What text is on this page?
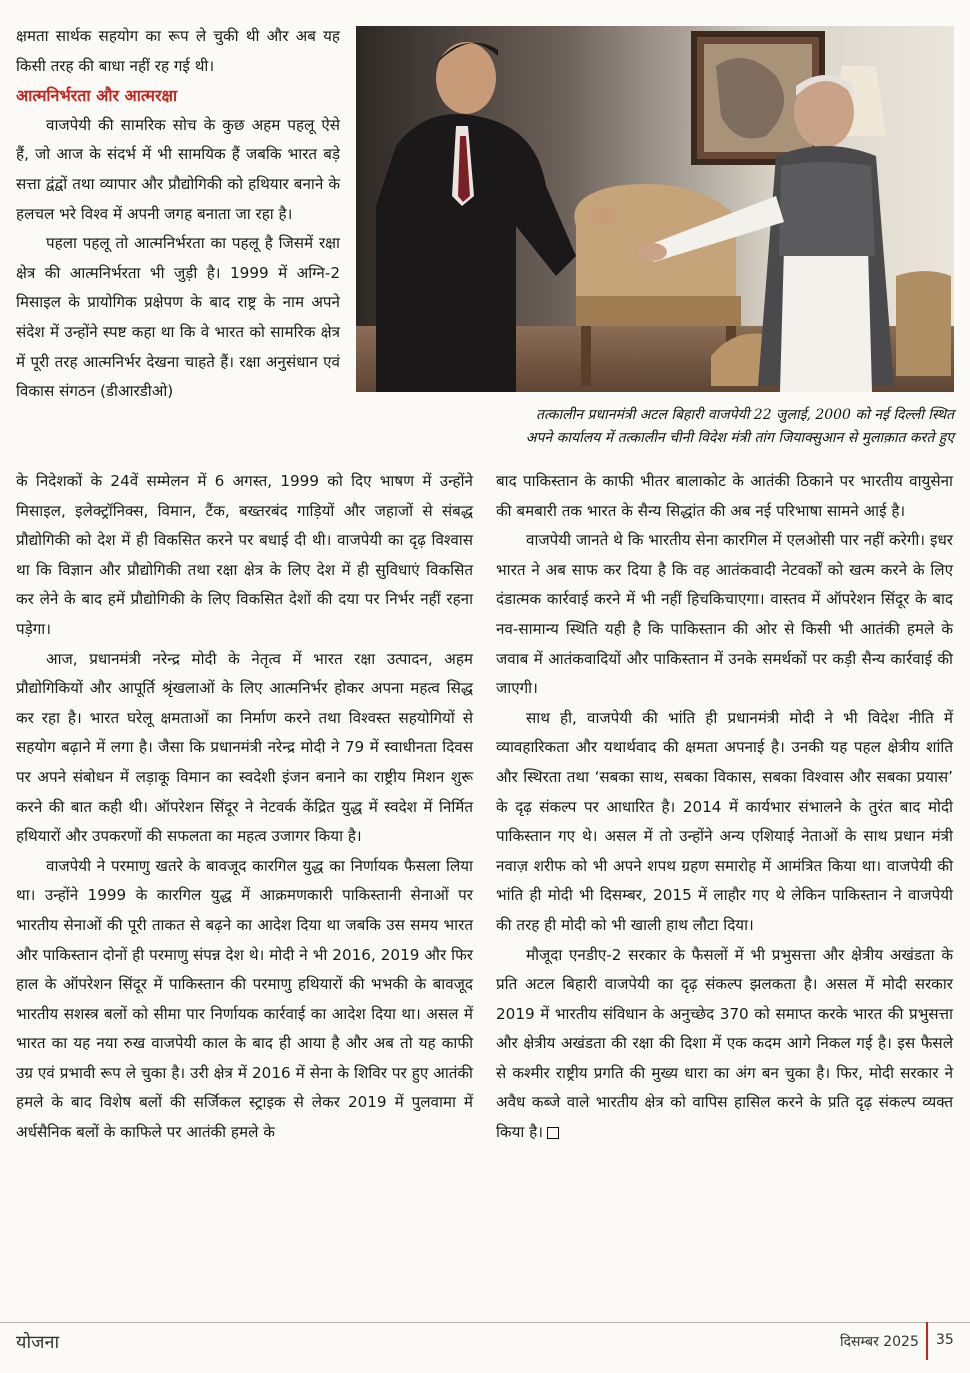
क्षमता सार्थक सहयोग का रूप ले चुकी थी और अब यह किसी तरह की बाधा नहीं रह गई थी।

आत्मनिर्भरता और आत्मरक्षा

वाजपेयी की सामरिक सोच के कुछ अहम पहलू ऐसे हैं, जो आज के संदर्भ में भी सामयिक हैं जबकि भारत बड़े सत्ता द्वंद्वों तथा व्यापार और प्रौद्योगिकी को हथियार बनाने के हलचल भरे विश्व में अपनी जगह बनाता जा रहा है।

पहला पहलू तो आत्मनिर्भरता का पहलू है जिसमें रक्षा क्षेत्र की आत्मनिर्भरता भी जुड़ी है। 1999 में अग्नि-2 मिसाइल के प्रायोगिक प्रक्षेपण के बाद राष्ट्र के नाम अपने संदेश में उन्होंने स्पष्ट कहा था कि वे भारत को सामरिक क्षेत्र में पूरी तरह आत्मनिर्भर देखना चाहते हैं। रक्षा अनुसंधान एवं विकास संगठन (डीआरडीओ)

तत्कालीन प्रधानमंत्री अटल बिहारी वाजपेयी 22 जुलाई, 2000 को नई दिल्ली स्थित
अपने कार्यालय में तत्कालीन चीनी विदेश मंत्री तांग जियाक्सुआन से मुलाक़ात करते हुए

के निदेशकों के 24वें सम्मेलन में 6 अगस्त, 1999 को दिए भाषण में उन्होंने मिसाइल, इलेक्ट्रॉनिक्स, विमान, टैंक, बख्तरबंद गाड़ियों और जहाजों से संबद्ध प्रौद्योगिकी को देश में ही विकसित करने पर बधाई दी थी। वाजपेयी का दृढ़ विश्वास था कि विज्ञान और प्रौद्योगिकी तथा रक्षा क्षेत्र के लिए देश में ही सुविधाएं विकसित कर लेने के बाद हमें प्रौद्योगिकी के लिए विकसित देशों की दया पर निर्भर नहीं रहना पड़ेगा।

आज, प्रधानमंत्री नरेन्द्र मोदी के नेतृत्व में भारत रक्षा उत्पादन, अहम प्रौद्योगिकियों और आपूर्ति श्रृंखलाओं के लिए आत्मनिर्भर होकर अपना महत्व सिद्ध कर रहा है। भारत घरेलू क्षमताओं का निर्माण करने तथा विश्वस्त सहयोगियों से सहयोग बढ़ाने में लगा है। जैसा कि प्रधानमंत्री नरेन्द्र मोदी ने 79 में स्वाधीनता दिवस पर अपने संबोधन में लड़ाकू विमान का स्वदेशी इंजन बनाने का राष्ट्रीय मिशन शुरू करने की बात कही थी। ऑपरेशन सिंदूर ने नेटवर्क केंद्रित युद्ध में स्वदेश में निर्मित हथियारों और उपकरणों की सफलता का महत्व उजागर किया है।

वाजपेयी ने परमाणु खतरे के बावजूद कारगिल युद्ध का निर्णायक फैसला लिया था। उन्होंने 1999 के कारगिल युद्ध में आक्रमणकारी पाकिस्तानी सेनाओं पर भारतीय सेनाओं की पूरी ताकत से बढ़ने का आदेश दिया था जबकि उस समय भारत और पाकिस्तान दोनों ही परमाणु संपन्न देश थे। मोदी ने भी 2016, 2019 और फिर हाल के ऑपरेशन सिंदूर में पाकिस्तान की परमाणु हथियारों की भभकी के बावजूद भारतीय सशस्त्र बलों को सीमा पार निर्णायक कार्रवाई का आदेश दिया था। असल में भारत का यह नया रुख वाजपेयी काल के बाद ही आया है और अब तो यह काफी उग्र एवं प्रभावी रूप ले चुका है। उरी क्षेत्र में 2016 में सेना के शिविर पर हुए आतंकी हमले के बाद विशेष बलों की सर्जिकल स्ट्राइक से लेकर 2019 में पुलवामा में अर्धसैनिक बलों के काफिले पर आतंकी हमले के

बाद पाकिस्तान के काफी भीतर बालाकोट के आतंकी ठिकाने पर भारतीय वायुसेना की बमबारी तक भारत के सैन्य सिद्धांत की अब नई परिभाषा सामने आई है।

वाजपेयी जानते थे कि भारतीय सेना कारगिल में एलओसी पार नहीं करेगी। इधर भारत ने अब साफ कर दिया है कि वह आतंकवादी नेटवर्कों को खत्म करने के लिए दंडात्मक कार्रवाई करने में भी नहीं हिचकिचाएगा। वास्तव में ऑपरेशन सिंदूर के बाद नव-सामान्य स्थिति यही है कि पाकिस्तान की ओर से किसी भी आतंकी हमले के जवाब में आतंकवादियों और पाकिस्तान में उनके समर्थकों पर कड़ी सैन्य कार्रवाई की जाएगी।

साथ ही, वाजपेयी की भांति ही प्रधानमंत्री मोदी ने भी विदेश नीति में व्यावहारिकता और यथार्थवाद की क्षमता अपनाई है। उनकी यह पहल क्षेत्रीय शांति और स्थिरता तथा ‘सबका साथ, सबका विकास, सबका विश्वास और सबका प्रयास’ के दृढ़ संकल्प पर आधारित है। 2014 में कार्यभार संभालने के तुरंत बाद मोदी पाकिस्तान गए थे। असल में तो उन्होंने अन्य एशियाई नेताओं के साथ प्रधान मंत्री नवाज़ शरीफ को भी अपने शपथ ग्रहण समारोह में आमंत्रित किया था। वाजपेयी की भांति ही मोदी भी दिसम्बर, 2015 में लाहौर गए थे लेकिन पाकिस्तान ने वाजपेयी की तरह ही मोदी को भी खाली हाथ लौटा दिया।

मौजूदा एनडीए-2 सरकार के फैसलों में भी प्रभुसत्ता और क्षेत्रीय अखंडता के प्रति अटल बिहारी वाजपेयी का दृढ़ संकल्प झलकता है। असल में मोदी सरकार 2019 में भारतीय संविधान के अनुच्छेद 370 को समाप्त करके भारत की प्रभुसत्ता और क्षेत्रीय अखंडता की रक्षा की दिशा में एक कदम आगे निकल गई है। इस फैसले से कश्मीर राष्ट्रीय प्रगति की मुख्य धारा का अंग बन चुका है। फिर, मोदी सरकार ने अवैध कब्जे वाले भारतीय क्षेत्र को वापिस हासिल करने के प्रति दृढ़ संकल्प व्यक्त किया है।

योजना	दिसम्बर 2025 35
